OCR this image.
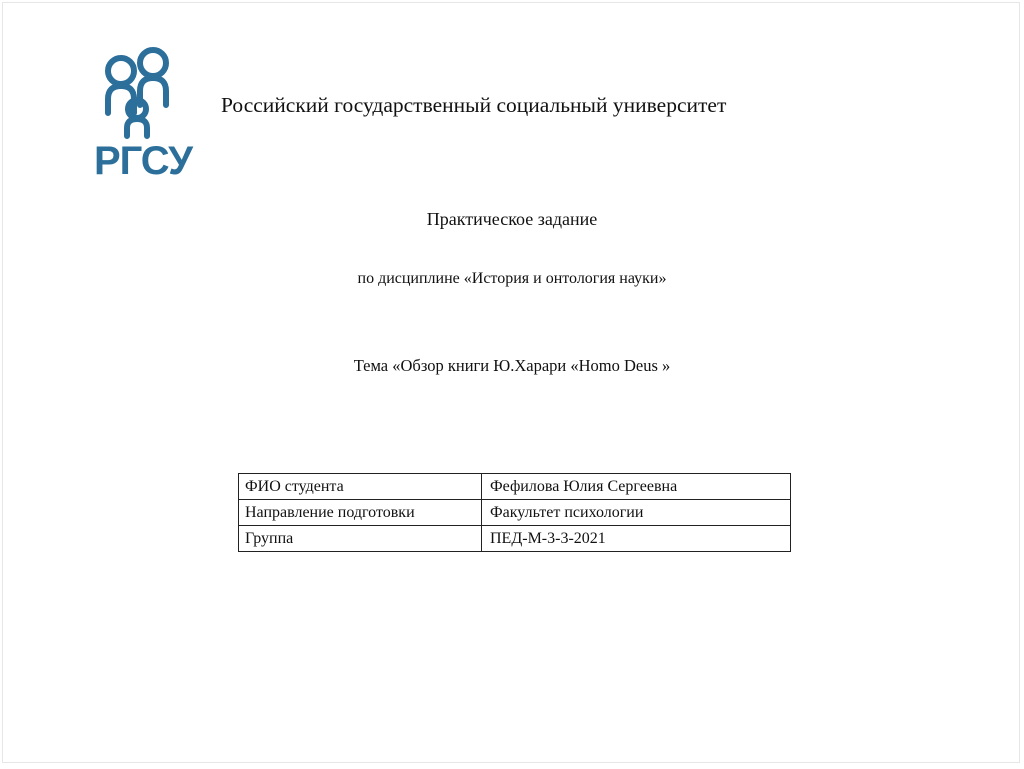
РГСУ
Российский государственный социальный университет
Практическое задание
по дисциплине «История и онтология науки»
Тема «Обзор книги Ю.Харари «Homo Deus »
ФИО студента	Фефилова Юлия Сергеевна
Направление подготовки	Факультет психологии
Группа	ПЕД-М-3-3-2021
